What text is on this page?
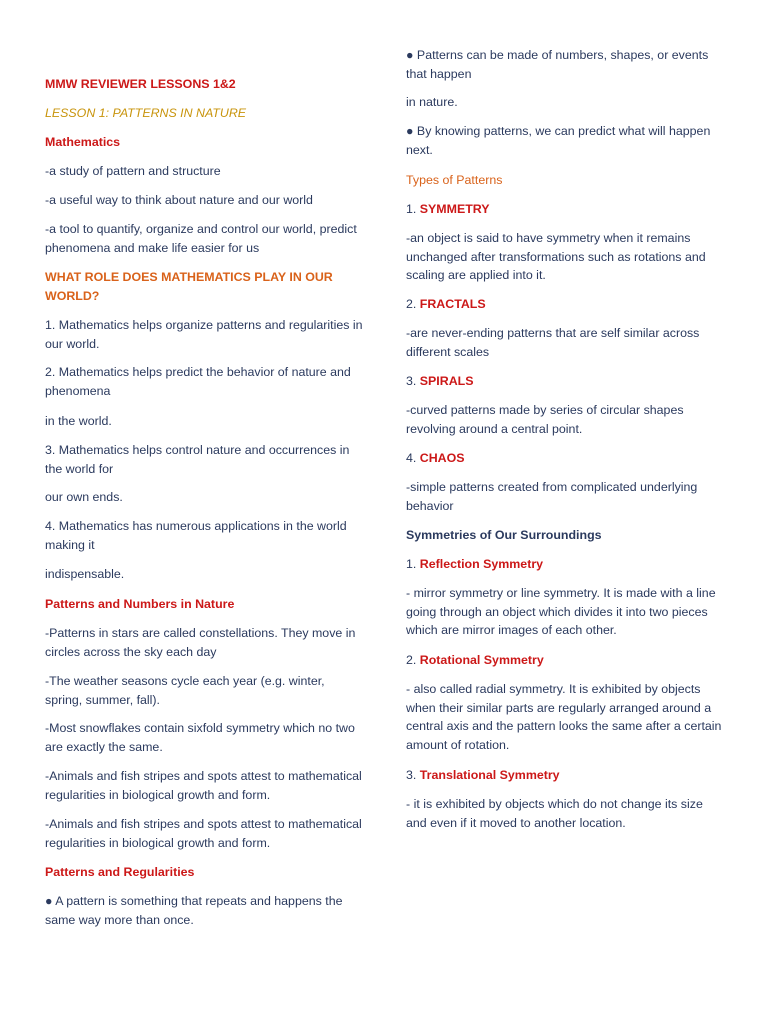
MMW REVIEWER LESSONS 1&2

LESSON 1: PATTERNS IN NATURE

Mathematics

-a study of pattern and structure

-a useful way to think about nature and our world

-a tool to quantify, organize and control our world, predict phenomena and make life easier for us

WHAT ROLE DOES MATHEMATICS PLAY IN OUR WORLD?

1. Mathematics helps organize patterns and regularities in our world.

2. Mathematics helps predict the behavior of nature and phenomena

in the world.

3. Mathematics helps control nature and occurrences in the world for

our own ends.

4. Mathematics has numerous applications in the world making it

indispensable.

Patterns and Numbers in Nature

-Patterns in stars are called constellations. They move in circles across the sky each day

-The weather seasons cycle each year (e.g. winter, spring, summer, fall).

-Most snowflakes contain sixfold symmetry which no two are exactly the same.

-Animals and fish stripes and spots attest to mathematical regularities in biological growth and form.

-Animals and fish stripes and spots attest to mathematical regularities in biological growth and form.

Patterns and Regularities

● A pattern is something that repeats and happens the same way more than once.

● Patterns can be made of numbers, shapes, or events that happen

in nature.

● By knowing patterns, we can predict what will happen next.

Types of Patterns

1. SYMMETRY

-an object is said to have symmetry when it remains unchanged after transformations such as rotations and scaling are applied into it.

2. FRACTALS

-are never-ending patterns that are self similar across different scales

3. SPIRALS

-curved patterns made by series of circular shapes revolving around a central point.

4. CHAOS

-simple patterns created from complicated underlying behavior

Symmetries of Our Surroundings

1. Reflection Symmetry

- mirror symmetry or line symmetry. It is made with a line going through an object which divides it into two pieces which are mirror images of each other.

2. Rotational Symmetry

- also called radial symmetry. It is exhibited by objects when their similar parts are regularly arranged around a central axis and the pattern looks the same after a certain amount of rotation.

3. Translational Symmetry

- it is exhibited by objects which do not change its size and even if it moved to another location.
